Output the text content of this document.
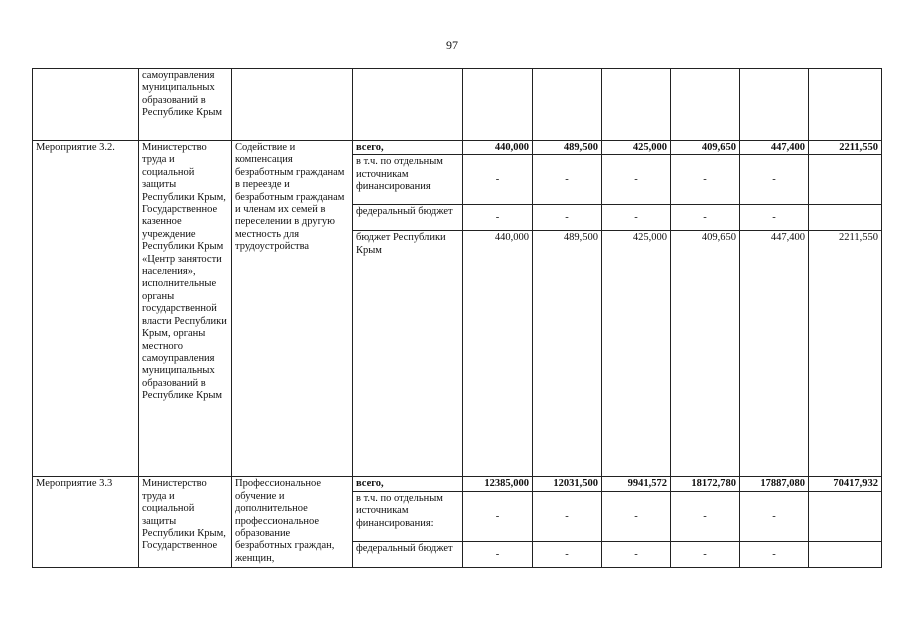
97
	самоуправления муниципальных образований в Республике Крым								
Мероприятие 3.2.	Министерство труда и социальной защиты Республики Крым, Государственное казенное учреждение Республики Крым «Центр занятости населения», исполнительные органы государственной власти Республики Крым, органы местного самоуправления муниципальных образований в Республике Крым	Содействие и компенсация безработным гражданам в переезде и безработным гражданам и членам их семей в переселении в другую местность для трудоустройства	всего,	440,000	489,500	425,000	409,650	447,400	2211,550
			в т.ч. по отдельным источникам финансирования	-	-	-	-	-	
			федеральный бюджет	-	-	-	-	-	
			бюджет Республики Крым	440,000	489,500	425,000	409,650	447,400	2211,550
Мероприятие 3.3	Министерство труда и социальной защиты Республики Крым, Государственное	Профессиональное обучение и дополнительное профессиональное образование безработных граждан, женщин,	всего,	12385,000	12031,500	9941,572	18172,780	17887,080	70417,932
			в т.ч. по отдельным источникам финансирования:	-	-	-	-	-	
			федеральный бюджет	-	-	-	-	-	
